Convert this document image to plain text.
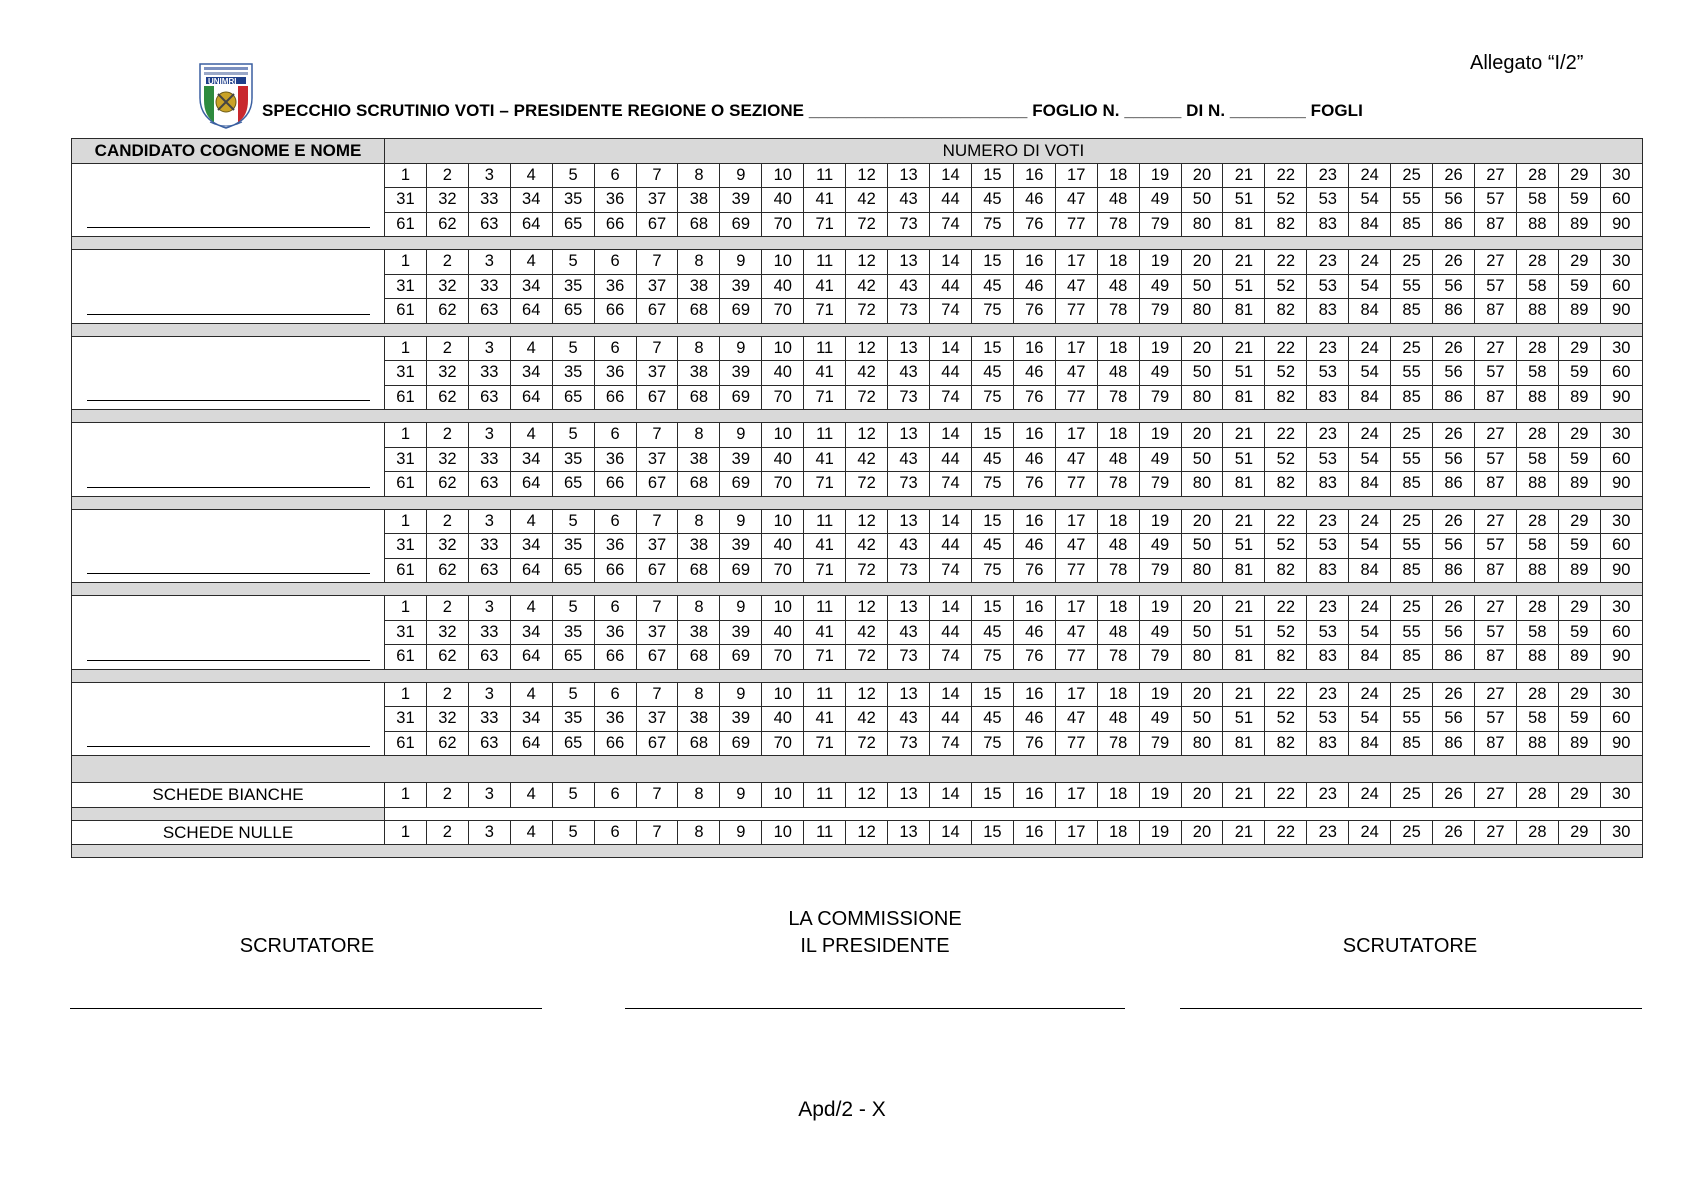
Allegato “I/2”
UNIMRI
SPECCHIO SCRUTINIO VOTI – PRESIDENTE REGIONE O SEZIONE _______________________ FOGLIO N. ______ DI N. ________ FOGLI
CANDIDATO COGNOME E NOME	NUMERO DI VOTI																													

	1	2	3	4	5	6	7	8	9	10	11	12	13	14	15	16	17	18	19	20	21	22	23	24	25	26	27	28	29	30
	31	32	33	34	35	36	37	38	39	40	41	42	43	44	45	46	47	48	49	50	51	52	53	54	55	56	57	58	59	60
	61	62	63	64	65	66	67	68	69	70	71	72	73	74	75	76	77	78	79	80	81	82	83	84	85	86	87	88	89	90

	1	2	3	4	5	6	7	8	9	10	11	12	13	14	15	16	17	18	19	20	21	22	23	24	25	26	27	28	29	30
	31	32	33	34	35	36	37	38	39	40	41	42	43	44	45	46	47	48	49	50	51	52	53	54	55	56	57	58	59	60
	61	62	63	64	65	66	67	68	69	70	71	72	73	74	75	76	77	78	79	80	81	82	83	84	85	86	87	88	89	90

	1	2	3	4	5	6	7	8	9	10	11	12	13	14	15	16	17	18	19	20	21	22	23	24	25	26	27	28	29	30
	31	32	33	34	35	36	37	38	39	40	41	42	43	44	45	46	47	48	49	50	51	52	53	54	55	56	57	58	59	60
	61	62	63	64	65	66	67	68	69	70	71	72	73	74	75	76	77	78	79	80	81	82	83	84	85	86	87	88	89	90

	1	2	3	4	5	6	7	8	9	10	11	12	13	14	15	16	17	18	19	20	21	22	23	24	25	26	27	28	29	30
	31	32	33	34	35	36	37	38	39	40	41	42	43	44	45	46	47	48	49	50	51	52	53	54	55	56	57	58	59	60
	61	62	63	64	65	66	67	68	69	70	71	72	73	74	75	76	77	78	79	80	81	82	83	84	85	86	87	88	89	90

	1	2	3	4	5	6	7	8	9	10	11	12	13	14	15	16	17	18	19	20	21	22	23	24	25	26	27	28	29	30
	31	32	33	34	35	36	37	38	39	40	41	42	43	44	45	46	47	48	49	50	51	52	53	54	55	56	57	58	59	60
	61	62	63	64	65	66	67	68	69	70	71	72	73	74	75	76	77	78	79	80	81	82	83	84	85	86	87	88	89	90

	1	2	3	4	5	6	7	8	9	10	11	12	13	14	15	16	17	18	19	20	21	22	23	24	25	26	27	28	29	30
	31	32	33	34	35	36	37	38	39	40	41	42	43	44	45	46	47	48	49	50	51	52	53	54	55	56	57	58	59	60
	61	62	63	64	65	66	67	68	69	70	71	72	73	74	75	76	77	78	79	80	81	82	83	84	85	86	87	88	89	90

	1	2	3	4	5	6	7	8	9	10	11	12	13	14	15	16	17	18	19	20	21	22	23	24	25	26	27	28	29	30
	31	32	33	34	35	36	37	38	39	40	41	42	43	44	45	46	47	48	49	50	51	52	53	54	55	56	57	58	59	60
	61	62	63	64	65	66	67	68	69	70	71	72	73	74	75	76	77	78	79	80	81	82	83	84	85	86	87	88	89	90

SCHEDE BIANCHE	1	2	3	4	5	6	7	8	9	10	11	12	13	14	15	16	17	18	19	20	21	22	23	24	25	26	27	28	29	30

SCHEDE NULLE	1	2	3	4	5	6	7	8	9	10	11	12	13	14	15	16	17	18	19	20	21	22	23	24	25	26	27	28	29	30

SCRUTATORE
LA COMMISSIONE
IL PRESIDENTE	SCRUTATORE
Apd/2 - X
